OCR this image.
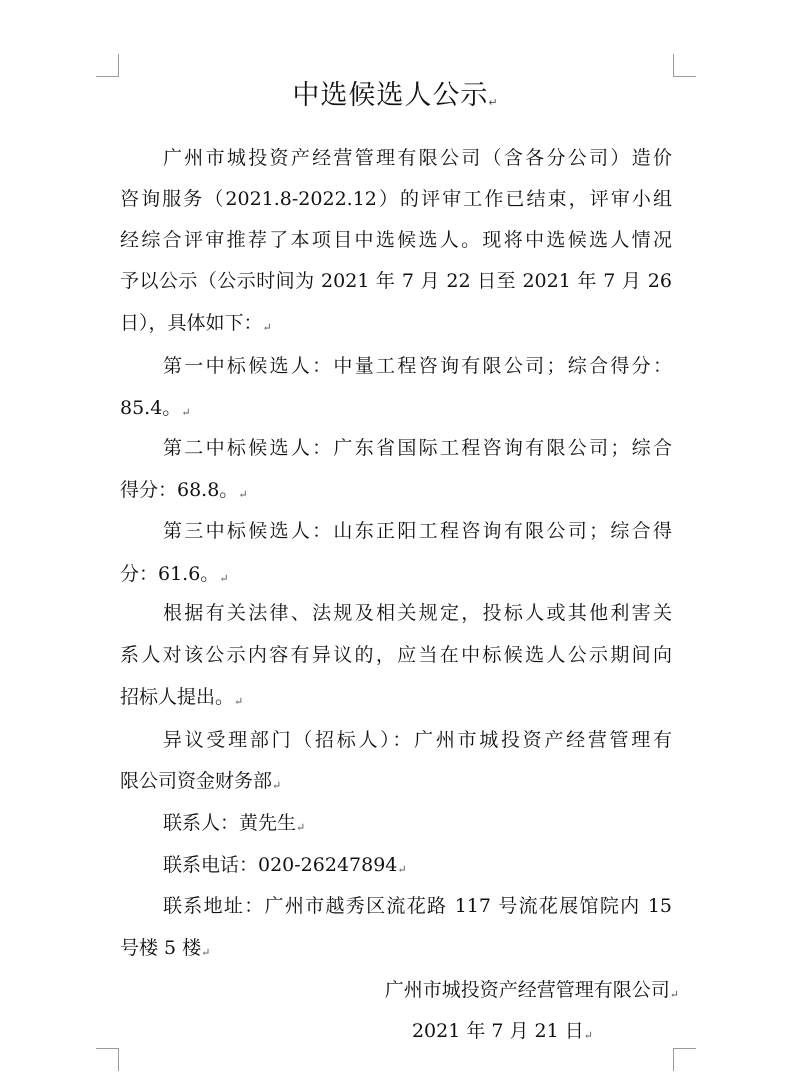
中选候选人公示↵
广州市城投资产经营管理有限公司（含各分公司）造价
咨询服务（2021.8-2022.12）的评审工作已结束，评审小组
经综合评审推荐了本项目中选候选人。现将中选候选人情况
予以公示（公示时间为 2021 年 7 月 22 日至 2021 年 7 月 26
日），具体如下：↵
第一中标候选人：中量工程咨询有限公司；综合得分：
85.4。↵
第二中标候选人：广东省国际工程咨询有限公司；综合
得分：68.8。↵
第三中标候选人：山东正阳工程咨询有限公司；综合得
分：61.6。↵
根据有关法律、法规及相关规定，投标人或其他利害关
系人对该公示内容有异议的，应当在中标候选人公示期间向
招标人提出。↵
异议受理部门（招标人）：广州市城投资产经营管理有
限公司资金财务部↵
联系人：黄先生↵
联系电话：020-26247894↵
联系地址：广州市越秀区流花路 117 号流花展馆院内 15
号楼 5 楼↵
广州市城投资产经营管理有限公司↵
2021 年 7 月 21 日↵
